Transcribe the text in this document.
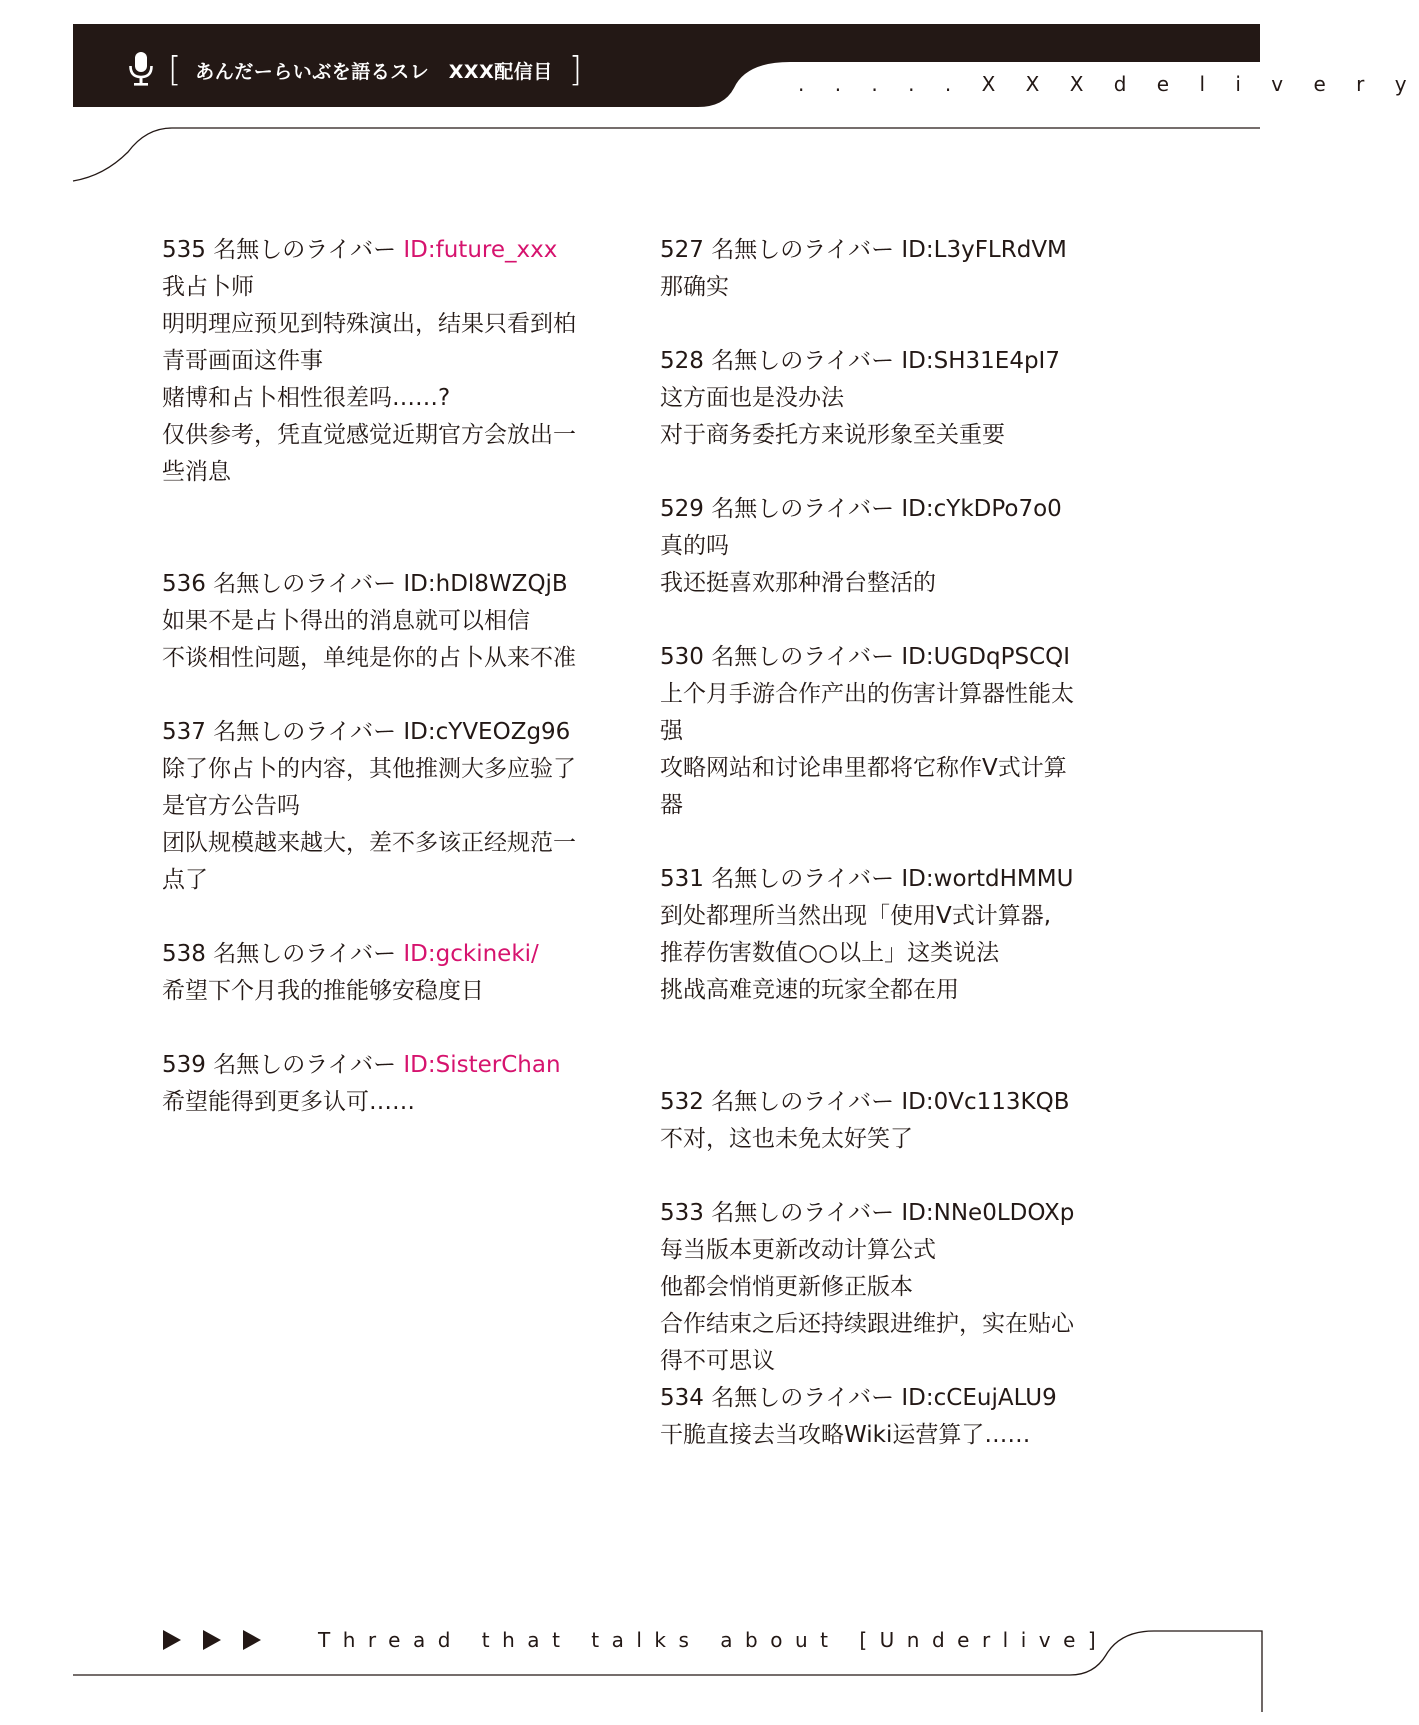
[ あんだーらいぶを語るスレ　XXX配信目 ]	. . . . . X X X d e l i v e r y
535 名無しのライバー ID:future_xxx
我占卜师
明明理应预见到特殊演出，结果只看到柏
青哥画面这件事
赌博和占卜相性很差吗……?
仅供参考，凭直觉感觉近期官方会放出一
些消息
536 名無しのライバー ID:hDl8WZQjB
如果不是占卜得出的消息就可以相信
不谈相性问题，单纯是你的占卜从来不准
537 名無しのライバー ID:cYVEOZg96
除了你占卜的内容，其他推测大多应验了
是官方公告吗
团队规模越来越大，差不多该正经规范一
点了
538 名無しのライバー ID:gckineki/
希望下个月我的推能够安稳度日
539 名無しのライバー ID:SisterChan
希望能得到更多认可……
527 名無しのライバー ID:L3yFLRdVM
那确实
528 名無しのライバー ID:SH31E4pI7
这方面也是没办法
对于商务委托方来说形象至关重要
529 名無しのライバー ID:cYkDPo7o0
真的吗
我还挺喜欢那种滑台整活的
530 名無しのライバー ID:UGDqPSCQI
上个月手游合作产出的伤害计算器性能太
强
攻略网站和讨论串里都将它称作V式计算
器
531 名無しのライバー ID:wortdHMMU
到处都理所当然出现「使用V式计算器,
推荐伤害数值○○以上」这类说法
挑战高难竞速的玩家全都在用
532 名無しのライバー ID:0Vc113KQB
不对，这也未免太好笑了
533 名無しのライバー ID:NNe0LDOXp
每当版本更新改动计算公式
他都会悄悄更新修正版本
合作结束之后还持续跟进维护，实在贴心
得不可思议
534 名無しのライバー ID:cCEujALU9
干脆直接去当攻略Wiki运营算了……
Thread that talks about [Underlive]
